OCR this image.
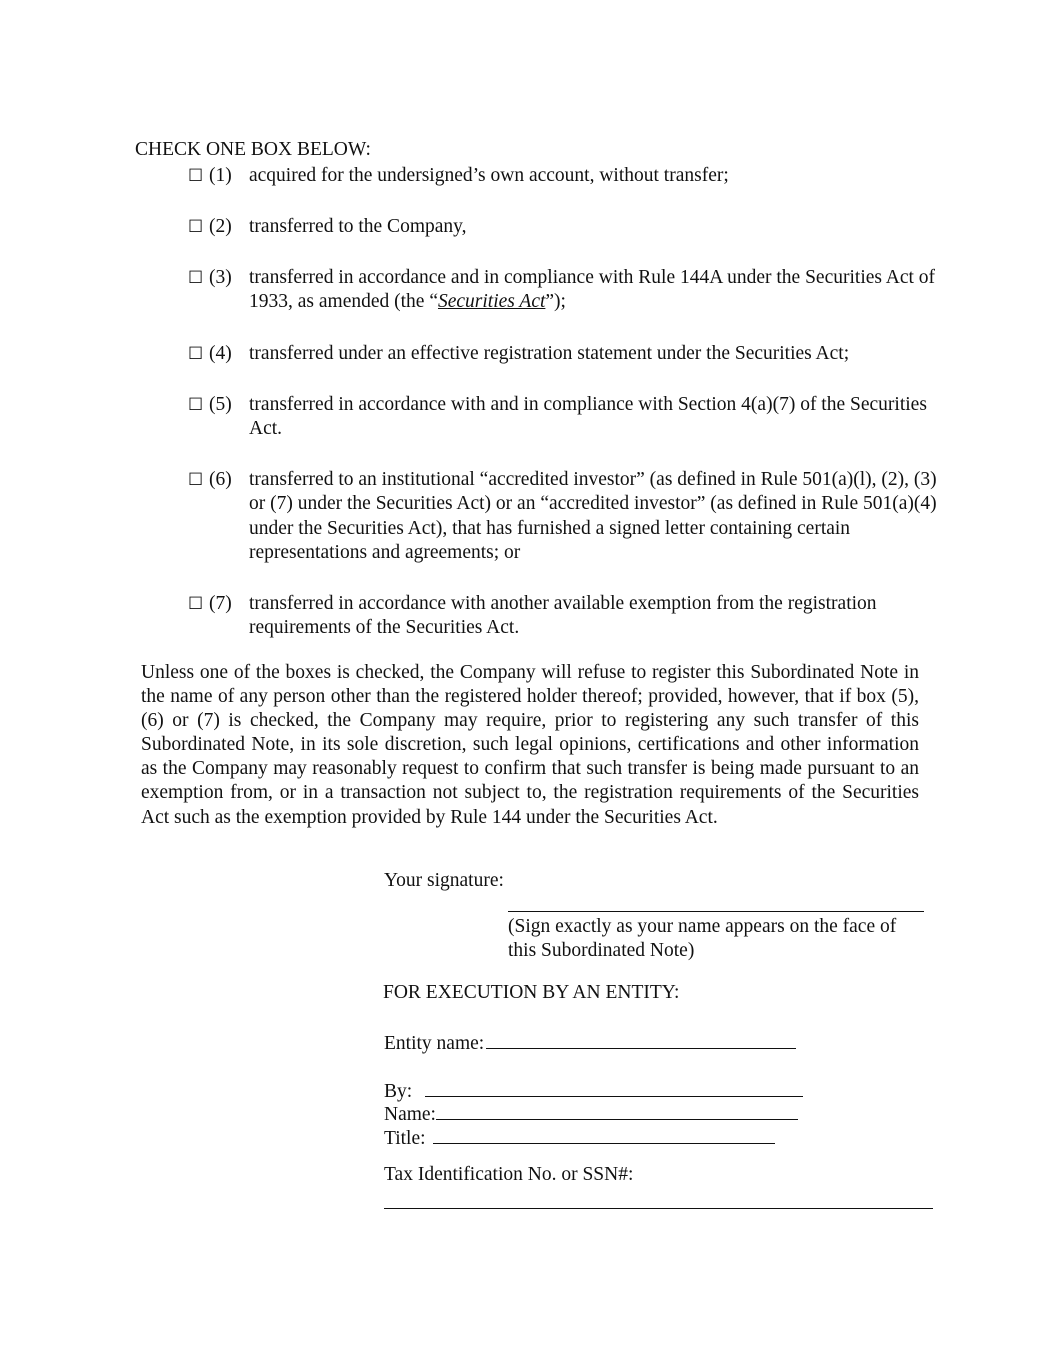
CHECK ONE BOX BELOW:
☐ (1) acquired for the undersigned’s own account, without transfer;
☐ (2) transferred to the Company,
☐ (3) transferred in accordance and in compliance with Rule 144A under the Securities Act of 1933, as amended (the “Securities Act”);
☐ (4) transferred under an effective registration statement under the Securities Act;
☐ (5) transferred in accordance with and in compliance with Section 4(a)(7) of the Securities Act.
☐ (6) transferred to an institutional “accredited investor” (as defined in Rule 501(a)(l), (2), (3) or (7) under the Securities Act) or an “accredited investor” (as defined in Rule 501(a)(4) under the Securities Act), that has furnished a signed letter containing certain representations and agreements; or
☐ (7) transferred in accordance with another available exemption from the registration requirements of the Securities Act.
Unless one of the boxes is checked, the Company will refuse to register this Subordinated Note in the name of any person other than the registered holder thereof; provided, however, that if box (5), (6) or (7) is checked, the Company may require, prior to registering any such transfer of this Subordinated Note, in its sole discretion, such legal opinions, certifications and other information as the Company may reasonably request to confirm that such transfer is being made pursuant to an exemption from, or in a transaction not subject to, the registration requirements of the Securities Act such as the exemption provided by Rule 144 under the Securities Act.
Your signature:
(Sign exactly as your name appears on the face of this Subordinated Note)
FOR EXECUTION BY AN ENTITY:
Entity name:
By:
Name:
Title:
Tax Identification No. or SSN#:
